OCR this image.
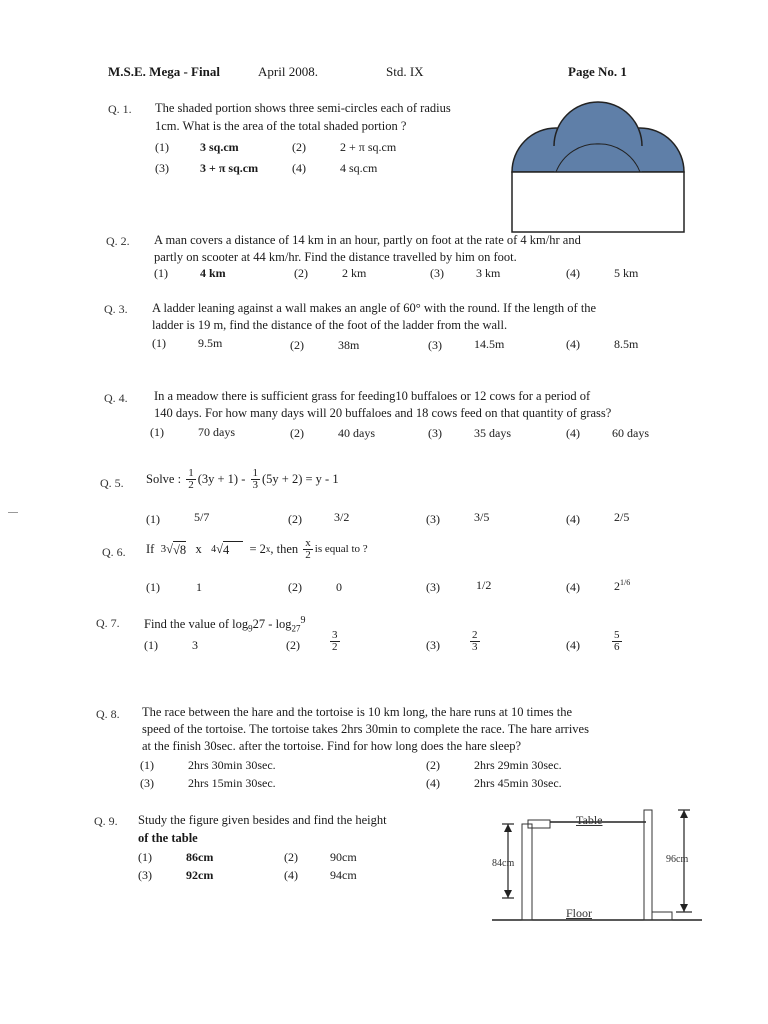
M.S.E. Mega - Final	April 2008.	Std. IX	Page No. 1
Q. 1. The shaded portion shows three semi-circles each of radius
1cm. What is the area of the total shaded portion ?
(1)	3 sq.cm	(2)	2 + π sq.cm
(3)	3 + π sq.cm	(4)	4 sq.cm
Q. 2. A man covers a distance of 14 km in an hour, partly on foot at the rate of 4 km/hr and
partly on scooter at 44 km/hr. Find the distance travelled by him on foot.
(1)	4 km	(2)	2 km	(3)	3 km	(4)	5 km
Q. 3. A ladder leaning against a wall makes an angle of 60° with the round. If the length of the
ladder is 19 m, find the distance of the foot of the ladder from the wall.
(1)	9.5m	(2)	38m	(3)	14.5m	(4)	8.5m
Q. 4. In a meadow there is sufficient grass for feeding10 buffaloes or 12 cows for a period of
140 days. For how many days will 20 buffaloes and 18 cows feed on that quantity of grass?
(1)	70 days	(2)	40 days	(3)	35 days	(4)	60 days
Q. 5. Solve :
$\frac{1}{2} (3y + 1)$ -
$\frac{1}{3} (5y + 2) = y - 1$
(1)	5/7	(2)	3/2	(3)	3/5	(4)	2/5
Q. 6. If
3 √ √8
x
4 √ 4
	= 2 x , then
$\frac{x}{2}$ is equal to ?
(1)	1	(2)	0	(3)	1/2	(4)	$2^{1/6}$
Q. 7. Find the value of $\log_927 - \log_{27}^9$
(1)	3	(2)	$\frac{3}{2}$	(3)	$\frac{2}{3}$	(4)	$\frac{5}{6}$
Q. 8. The race between the hare and the tortoise is 10 km long, the hare runs at 10 times the
speed of the tortoise. The tortoise takes 2hrs 30min to complete the race. The hare arrives
at the finish 30sec. after the tortoise. Find for how long does the hare sleep?
(1)	2hrs 30min 30sec.	(2)	2hrs 29min 30sec.
(3)	2hrs 15min 30sec.	(4)	2hrs 45min 30sec.
Q. 9. Study the figure given besides and find the height
of the table
(1)	86cm	(2)	90cm
(3)	92cm	(4)	94cm
Table
Floor
84cm	96cm
